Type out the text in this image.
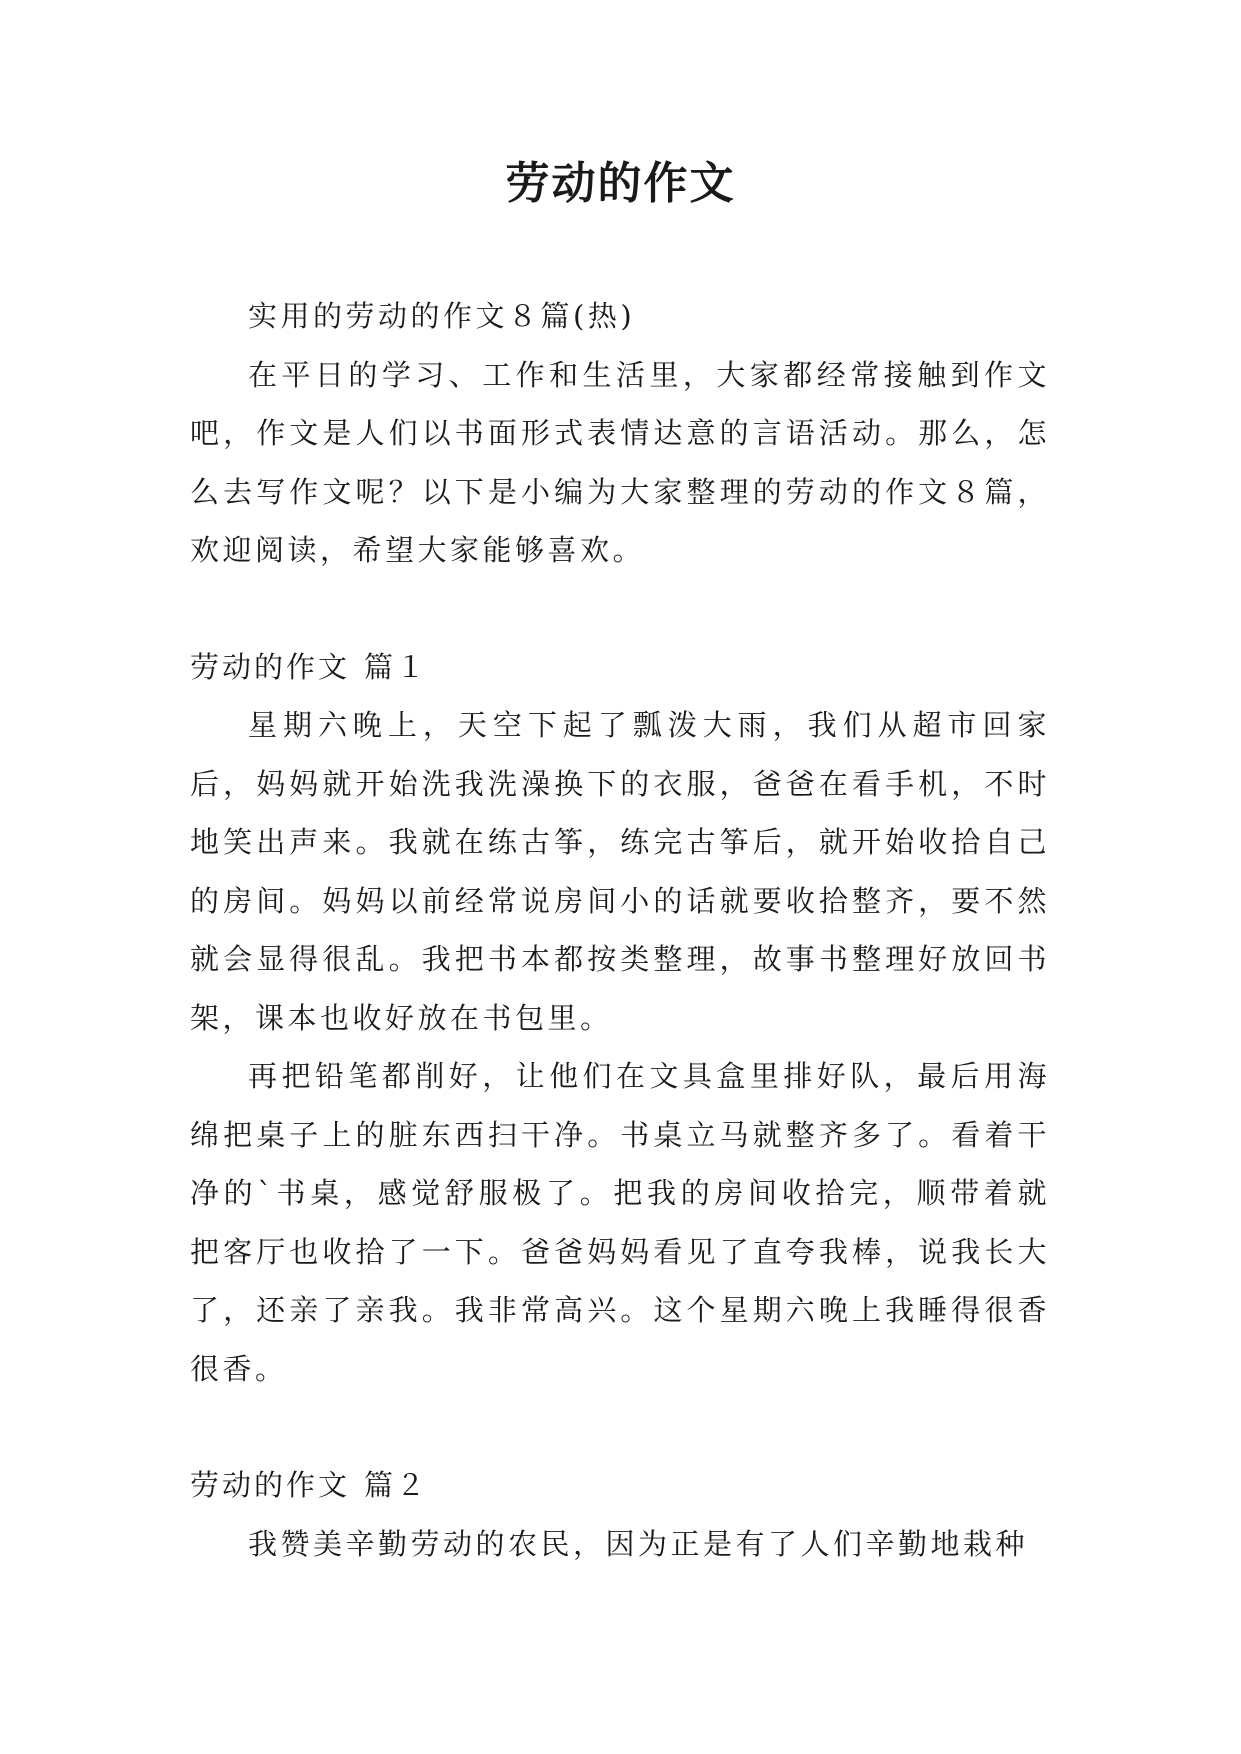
劳动的作文

实用的劳动的作文８篇(热)

在平日的学习、工作和生活里，大家都经常接触到作文吧，作文是人们以书面形式表情达意的言语活动。那么，怎么去写作文呢？以下是小编为大家整理的劳动的作文８篇，欢迎阅读，希望大家能够喜欢。

劳动的作文 篇１

星期六晚上，天空下起了瓢泼大雨，我们从超市回家后，妈妈就开始洗我洗澡换下的衣服，爸爸在看手机，不时地笑出声来。我就在练古筝，练完古筝后，就开始收拾自己的房间。妈妈以前经常说房间小的话就要收拾整齐，要不然就会显得很乱。我把书本都按类整理，故事书整理好放回书架，课本也收好放在书包里。

再把铅笔都削好，让他们在文具盒里排好队，最后用海绵把桌子上的脏东西扫干净。书桌立马就整齐多了。看着干净的`书桌，感觉舒服极了。把我的房间收拾完，顺带着就把客厅也收拾了一下。爸爸妈妈看见了直夸我棒，说我长大了，还亲了亲我。我非常高兴。这个星期六晚上我睡得很香很香。

劳动的作文 篇２

我赞美辛勤劳动的农民，因为正是有了人们辛勤地栽种
